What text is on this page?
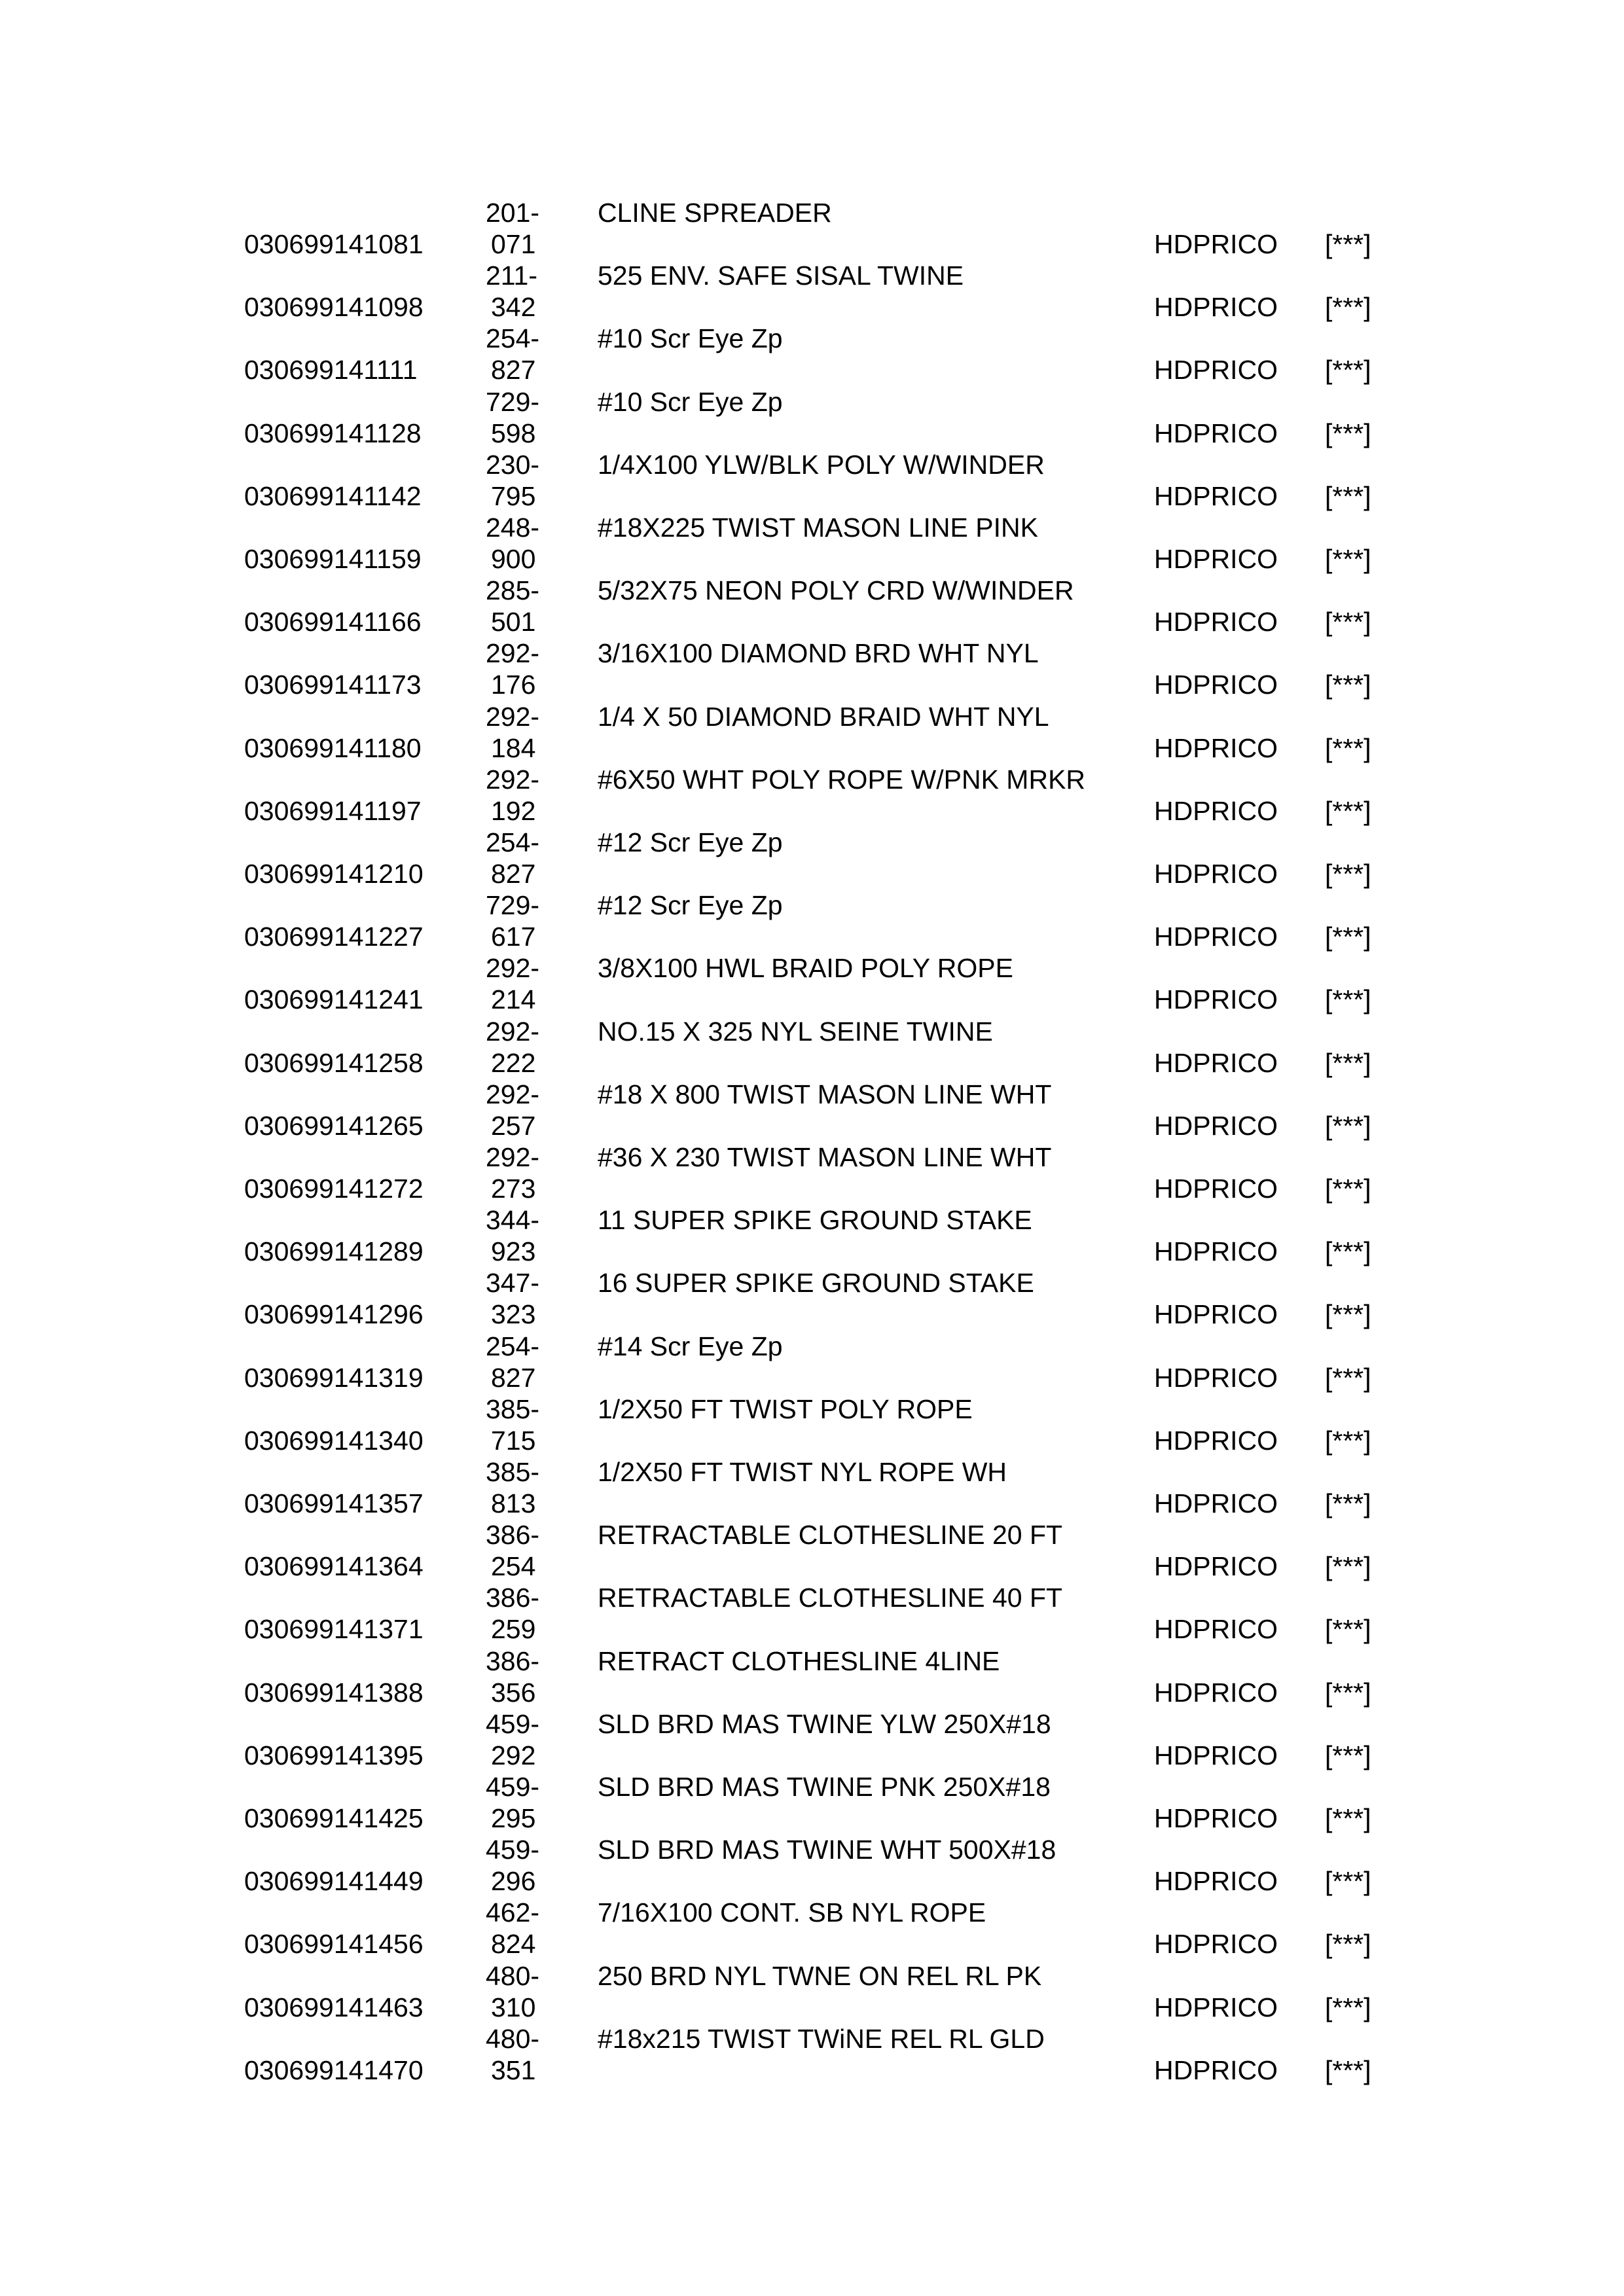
030699141081
201-
071
CLINE SPREADER
HDPRICO [***]
030699141098
211-
342
525 ENV. SAFE SISAL TWINE
HDPRICO [***]
030699141111
254-
827
#10 Scr Eye Zp
HDPRICO [***]
030699141128
729-
598
#10 Scr Eye Zp
HDPRICO [***]
030699141142
230-
795
1/4X100 YLW/BLK POLY W/WINDER
HDPRICO [***]
030699141159
248-
900
#18X225 TWIST MASON LINE PINK
HDPRICO [***]
030699141166
285-
501
5/32X75 NEON POLY CRD W/WINDER
HDPRICO [***]
030699141173
292-
176
3/16X100 DIAMOND BRD WHT NYL
HDPRICO [***]
030699141180
292-
184
1/4 X 50 DIAMOND BRAID WHT NYL
HDPRICO [***]
030699141197
292-
192
#6X50 WHT POLY ROPE W/PNK MRKR
HDPRICO [***]
030699141210
254-
827
#12 Scr Eye Zp
HDPRICO [***]
030699141227
729-
617
#12 Scr Eye Zp
HDPRICO [***]
030699141241
292-
214
3/8X100 HWL BRAID POLY ROPE
HDPRICO [***]
030699141258
292-
222
NO.15 X 325 NYL SEINE TWINE
HDPRICO [***]
030699141265
292-
257
#18 X 800 TWIST MASON LINE WHT
HDPRICO [***]
030699141272
292-
273
#36 X 230 TWIST MASON LINE WHT
HDPRICO [***]
030699141289
344-
923
11 SUPER SPIKE GROUND STAKE
HDPRICO [***]
030699141296
347-
323
16 SUPER SPIKE GROUND STAKE
HDPRICO [***]
030699141319
254-
827
#14 Scr Eye Zp
HDPRICO [***]
030699141340
385-
715
1/2X50 FT TWIST POLY ROPE
HDPRICO [***]
030699141357
385-
813
1/2X50 FT TWIST NYL ROPE WH
HDPRICO [***]
030699141364
386-
254
RETRACTABLE CLOTHESLINE 20 FT
HDPRICO [***]
030699141371
386-
259
RETRACTABLE CLOTHESLINE 40 FT
HDPRICO [***]
030699141388
386-
356
RETRACT CLOTHESLINE 4LINE
HDPRICO [***]
030699141395
459-
292
SLD BRD MAS TWINE YLW 250X#18
HDPRICO [***]
030699141425
459-
295
SLD BRD MAS TWINE PNK 250X#18
HDPRICO [***]
030699141449
459-
296
SLD BRD MAS TWINE WHT 500X#18
HDPRICO [***]
030699141456
462-
824
7/16X100 CONT. SB NYL ROPE
HDPRICO [***]
030699141463
480-
310
250 BRD NYL TWNE ON REL RL PK
HDPRICO [***]
030699141470
480-
351
#18x215 TWIST TWiNE REL RL GLD
HDPRICO [***]
